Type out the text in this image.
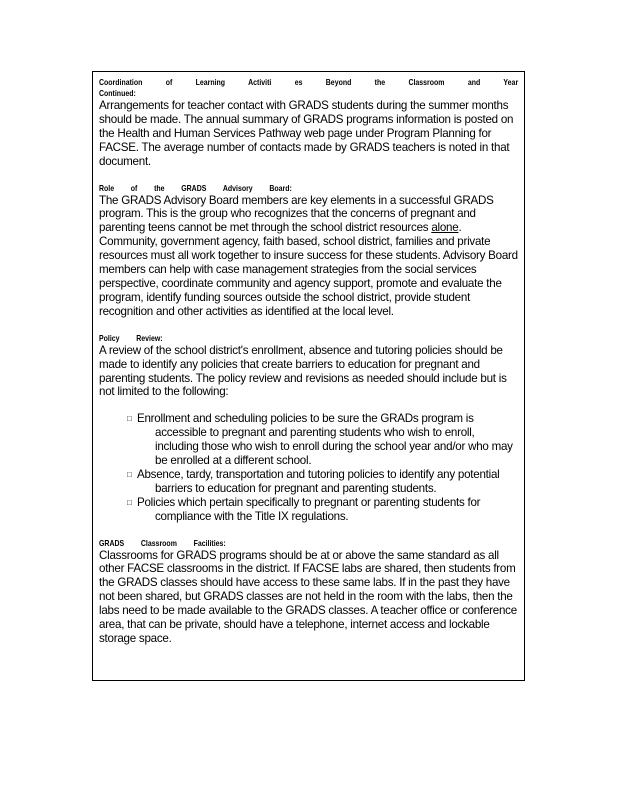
Coordination of Learning Activiti es Beyond the Classroom and Year

Continued:

Arrangements for teacher contact with GRADS students during the summer months should be made. The annual summary of GRADS programs information is posted on the Health and Human Services Pathway web page under Program Planning for FACSE. The average number of contacts made by GRADS teachers is noted in that document.

Role of the GRADS Advisory Board:

The GRADS Advisory Board members are key elements in a successful GRADS program. This is the group who recognizes that the concerns of pregnant and parenting teens cannot be met through the school district resources alone. Community, government agency, faith based, school district, families and private resources must all work together to insure success for these students. Advisory Board members can help with case management strategies from the social services perspective, coordinate community and agency support, promote and evaluate the program, identify funding sources outside the school district, provide student recognition and other activities as identified at the local level.

Policy Review:

A review of the school district's enrollment, absence and tutoring policies should be made to identify any policies that create barriers to education for pregnant and parenting students. The policy review and revisions as needed should include but is not limited to the following:

□ Enrollment and scheduling policies to be sure the GRADs program is accessible to pregnant and parenting students who wish to enroll, including those who wish to enroll during the school year and/or who may be enrolled at a different school.
□ Absence, tardy, transportation and tutoring policies to identify any potential barriers to education for pregnant and parenting students.
□ Policies which pertain specifically to pregnant or parenting students for compliance with the Title IX regulations.

GRADS Classroom Facilities:

Classrooms for GRADS programs should be at or above the same standard as all other FACSE classrooms in the district. If FACSE labs are shared, then students from the GRADS classes should have access to these same labs. If in the past they have not been shared, but GRADS classes are not held in the room with the labs, then the labs need to be made available to the GRADS classes. A teacher office or conference area, that can be private, should have a telephone, internet access and lockable storage space.
